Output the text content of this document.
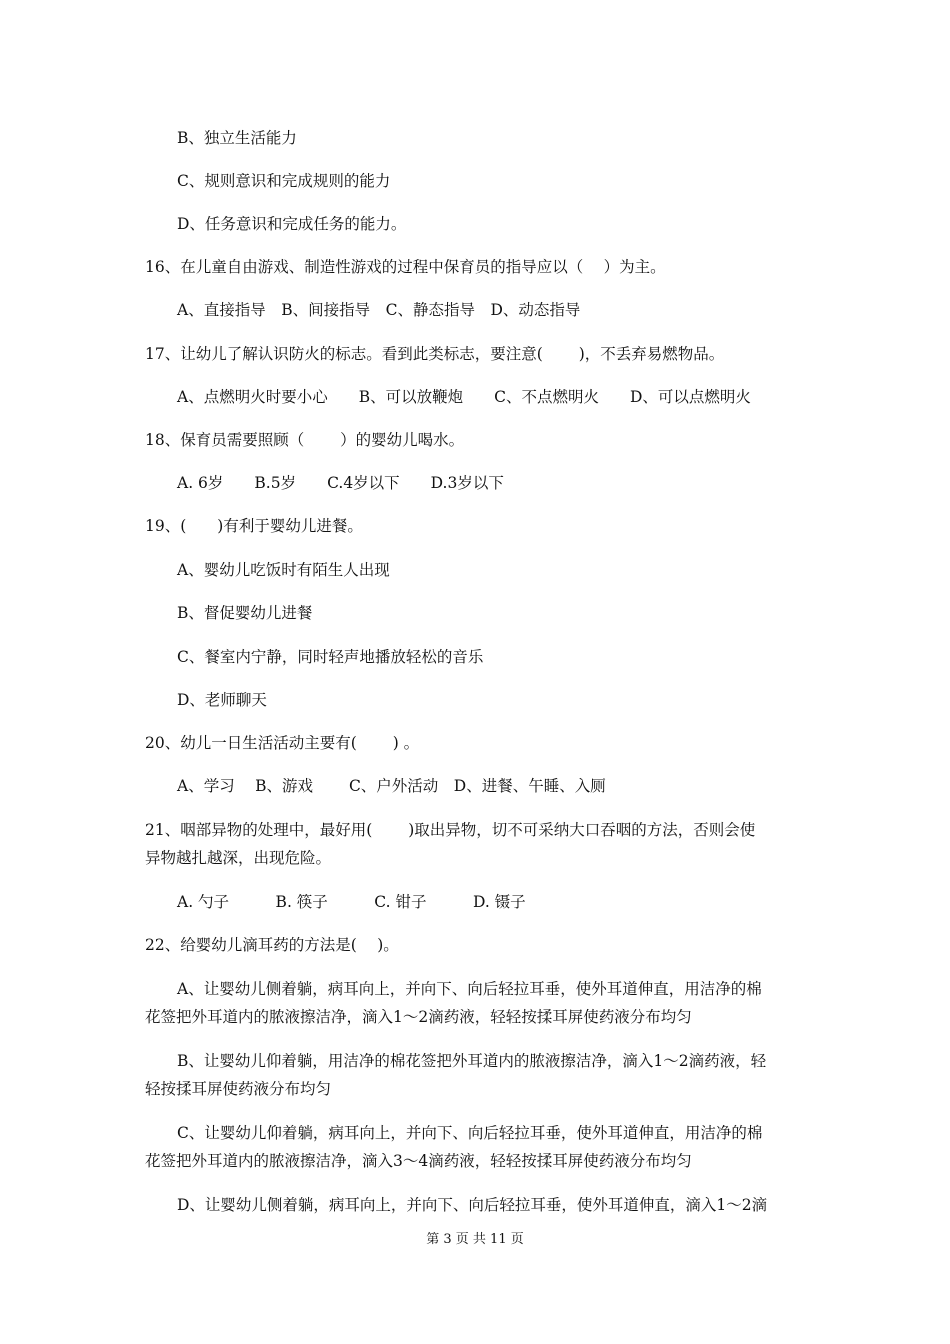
B、独立生活能力
C、规则意识和完成规则的能力
D、任务意识和完成任务的能力。
16、在儿童自由游戏、制造性游戏的过程中保育员的指导应以（　 ）为主。
A、直接指导　B、间接指导　C、静态指导　D、动态指导
17、让幼儿了解认识防火的标志。看到此类标志，要注意(　　 )，不丢弃易燃物品。
A、点燃明火时要小心　　B、可以放鞭炮　　C、不点燃明火　　D、可以点燃明火
18、保育员需要照顾（　　 ）的婴幼儿喝水。
A. 6岁　　B.5岁　　C.4岁以下　　D.3岁以下
19、(　　)有利于婴幼儿进餐。
A、婴幼儿吃饭时有陌生人出现
B、督促婴幼儿进餐
C、餐室内宁静，同时轻声地播放轻松的音乐
D、老师聊天
20、幼儿一日生活活动主要有(　　 ) 。
A、学习　 B、游戏　　 C、户外活动　D、进餐、午睡、入厕
21、咽部异物的处理中，最好用(　　 )取出异物，切不可采纳大口吞咽的方法，否则会使
异物越扎越深，出现危险。
A. 勺子　　　B. 筷子　　　C. 钳子　　　D. 镊子
22、给婴幼儿滴耳药的方法是(　 )。
A、让婴幼儿侧着躺，病耳向上，并向下、向后轻拉耳垂，使外耳道伸直，用洁净的棉
花签把外耳道内的脓液擦洁净，滴入1～2滴药液，轻轻按揉耳屏使药液分布均匀
B、让婴幼儿仰着躺，用洁净的棉花签把外耳道内的脓液擦洁净，滴入1～2滴药液，轻
轻按揉耳屏使药液分布均匀
C、让婴幼儿仰着躺，病耳向上，并向下、向后轻拉耳垂，使外耳道伸直，用洁净的棉
花签把外耳道内的脓液擦洁净，滴入3～4滴药液，轻轻按揉耳屏使药液分布均匀
D、让婴幼儿侧着躺，病耳向上，并向下、向后轻拉耳垂，使外耳道伸直，滴入1～2滴
第 3 页 共 11 页
